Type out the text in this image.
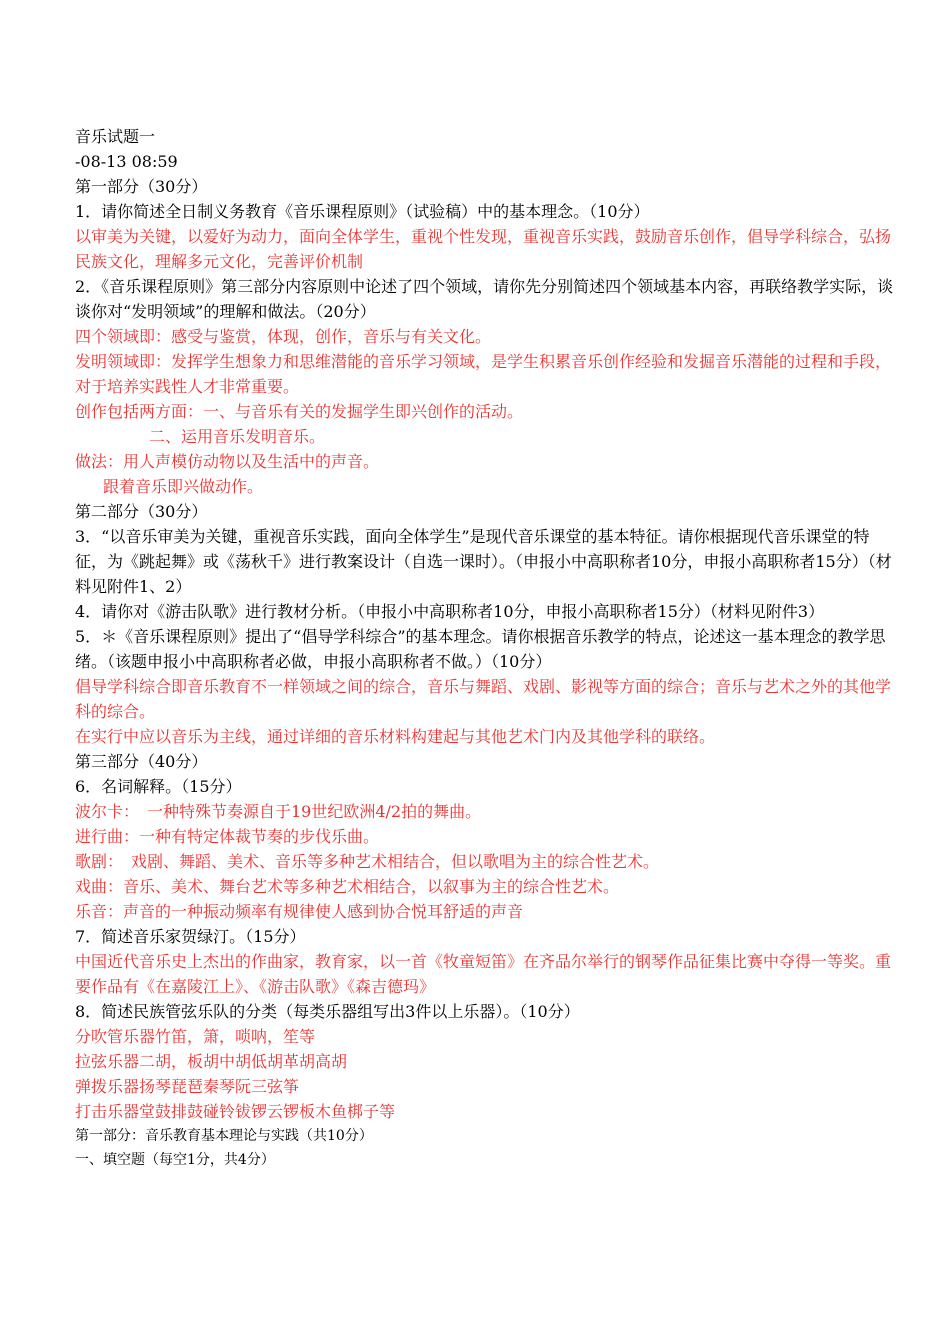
音乐试题一

-08-13 08:59

第一部分（30分）

1．请你简述全日制义务教育《音乐课程原则》（试验稿）中的基本理念。（10分）

以审美为关键，以爱好为动力，面向全体学生，重视个性发现，重视音乐实践，鼓励音乐创作，倡导学科综合，弘扬民族文化，理解多元文化，完善评价机制

2．《音乐课程原则》第三部分内容原则中论述了四个领域，请你先分别简述四个领域基本内容，再联络教学实际，谈谈你对“发明领域”的理解和做法。（20分）

四个领域即：感受与鉴赏，体现，创作，音乐与有关文化。

发明领域即：发挥学生想象力和思维潜能的音乐学习领域，是学生积累音乐创作经验和发掘音乐潜能的过程和手段，对于培养实践性人才非常重要。

创作包括两方面：一、与音乐有关的发掘学生即兴创作的活动。

二、运用音乐发明音乐。

做法：用人声模仿动物以及生活中的声音。

跟着音乐即兴做动作。

第二部分（30分）

3．“以音乐审美为关键，重视音乐实践，面向全体学生”是现代音乐课堂的基本特征。请你根据现代音乐课堂的特征，为《跳起舞》或《荡秋千》进行教案设计（自选一课时）。（申报小中高职称者10分，申报小高职称者15分）（材料见附件1、2）

4．请你对《游击队歌》进行教材分析。（申报小中高职称者10分，申报小高职称者15分）（材料见附件3）

5．＊《音乐课程原则》提出了“倡导学科综合”的基本理念。请你根据音乐教学的特点，论述这一基本理念的教学思绪。（该题申报小中高职称者必做，申报小高职称者不做。）（10分）

倡导学科综合即音乐教育不一样领域之间的综合，音乐与舞蹈、戏剧、影视等方面的综合；音乐与艺术之外的其他学科的综合。

在实行中应以音乐为主线，通过详细的音乐材料构建起与其他艺术门内及其他学科的联络。

第三部分（40分）

6．名词解释。（15分）

波尔卡：　一种特殊节奏源自于19世纪欧洲4/2拍的舞曲。

进行曲：一种有特定体裁节奏的步伐乐曲。

歌剧：　戏剧、舞蹈、美术、音乐等多种艺术相结合，但以歌唱为主的综合性艺术。

戏曲：音乐、美术、舞台艺术等多种艺术相结合，以叙事为主的综合性艺术。

乐音：声音的一种振动频率有规律使人感到协合悦耳舒适的声音

7．简述音乐家贺绿汀。（15分）

中国近代音乐史上杰出的作曲家，教育家，以一首《牧童短笛》在齐品尔举行的钢琴作品征集比赛中夺得一等奖。重要作品有《在嘉陵江上》、《游击队歌》《森吉德玛》

8．简述民族管弦乐队的分类（每类乐器组写出3件以上乐器）。（10分）

分吹管乐器竹笛，箫，唢呐，笙等

拉弦乐器二胡，板胡中胡低胡革胡高胡

弹拨乐器扬琴琵琶秦琴阮三弦筝

打击乐器堂鼓排鼓碰铃钹锣云锣板木鱼梆子等

第一部分：音乐教育基本理论与实践（共10分）

一、填空题（每空1分，共4分）
